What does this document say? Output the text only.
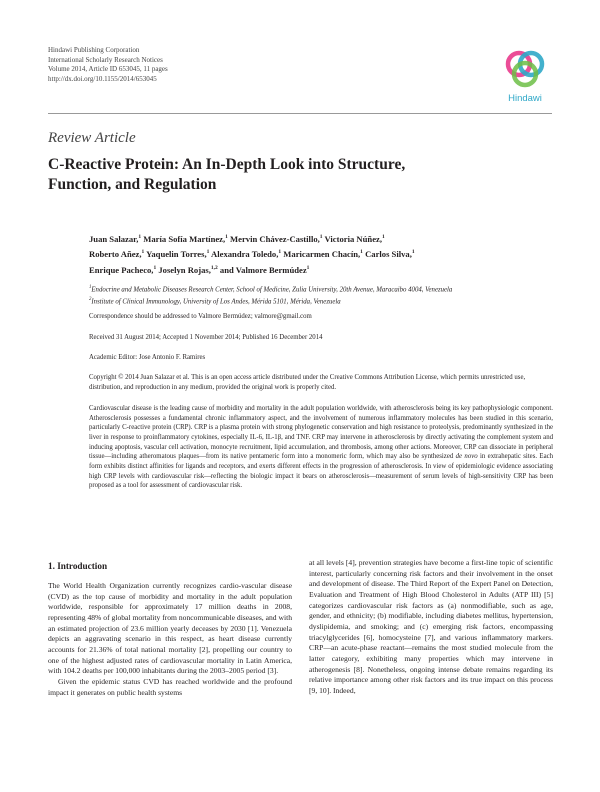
Hindawi Publishing Corporation
International Scholarly Research Notices
Volume 2014, Article ID 653045, 11 pages
http://dx.doi.org/10.1155/2014/653045
Hindawi
Review Article
C-Reactive Protein: An In-Depth Look into Structure,
Function, and Regulation
Juan Salazar,$^1$ María Sofía Martínez,$^1$ Mervin Chávez-Castillo,$^1$ Victoria Núñez,$^1$
Roberto Añez,$^1$ Yaquelin Torres,$^1$ Alexandra Toledo,$^1$ Maricarmen Chacín,$^1$ Carlos Silva,$^1$
Enrique Pacheco,$^1$ Joselyn Rojas,$^{1,2}$ and Valmore Bermúdez$^1$
$^1$Endocrine and Metabolic Diseases Research Center, School of Medicine, Zulia University, 20th Avenue, Maracaibo 4004, Venezuela
$^2$Institute of Clinical Immunology, University of Los Andes, Mérida 5101, Mérida, Venezuela
Correspondence should be addressed to Valmore Bermúdez; valmore@gmail.com
Received 31 August 2014; Accepted 1 November 2014; Published 16 December 2014
Academic Editor: Jose Antonio F. Ramires
Copyright © 2014 Juan Salazar et al. This is an open access article distributed under the Creative Commons Attribution License, which permits unrestricted use, distribution, and reproduction in any medium, provided the original work is properly cited.
Cardiovascular disease is the leading cause of morbidity and mortality in the adult population worldwide, with atherosclerosis being its key pathophysiologic component. Atherosclerosis possesses a fundamental chronic inflammatory aspect, and the involvement of numerous inflammatory molecules has been studied in this scenario, particularly C-reactive protein (CRP). CRP is a plasma protein with strong phylogenetic conservation and high resistance to proteolysis, predominantly synthesized in the liver in response to proinflammatory cytokines, especially IL-6, IL-1β, and TNF. CRP may intervene in atherosclerosis by directly activating the complement system and inducing apoptosis, vascular cell activation, monocyte recruitment, lipid accumulation, and thrombosis, among other actions. Moreover, CRP can dissociate in peripheral tissue—including atheromatous plaques—from its native pentameric form into a monomeric form, which may also be synthesized de novo in extrahepatic sites. Each form exhibits distinct affinities for ligands and receptors, and exerts different effects in the progression of atherosclerosis. In view of epidemiologic evidence associating high CRP levels with cardiovascular risk—reflecting the biologic impact it bears on atherosclerosis—measurement of serum levels of high-sensitivity CRP has been proposed as a tool for assessment of cardiovascular risk.
1. Introduction

The World Health Organization currently recognizes cardio-vascular disease (CVD) as the top cause of morbidity and mortality in the adult population worldwide, responsible for approximately 17 million deaths in 2008, representing 48% of global mortality from noncommunicable diseases, and with an estimated projection of 23.6 million yearly deceases by 2030 [1]. Venezuela depicts an aggravating scenario in this respect, as heart disease currently accounts for 21.36% of total national mortality [2], propelling our country to one of the highest adjusted rates of cardiovascular mortality in Latin America, with 104.2 deaths per 100,000 inhabitants during the 2003–2005 period [3].

Given the epidemic status CVD has reached worldwide and the profound impact it generates on public health systems

at all levels [4], prevention strategies have become a first-line topic of scientific interest, particularly concerning risk factors and their involvement in the onset and development of disease. The Third Report of the Expert Panel on Detection, Evaluation and Treatment of High Blood Cholesterol in Adults (ATP III) [5] categorizes cardiovascular risk factors as (a) nonmodifiable, such as age, gender, and ethnicity; (b) modifiable, including diabetes mellitus, hypertension, dyslipidemia, and smoking; and (c) emerging risk factors, encompassing triacylglycerides [6], homocysteine [7], and various inflammatory markers. CRP—an acute-phase reactant—remains the most studied molecule from the latter category, exhibiting many properties which may intervene in atherogenesis [8]. Nonetheless, ongoing intense debate remains regarding its relative importance among other risk factors and its true impact on this process [9, 10]. Indeed,
